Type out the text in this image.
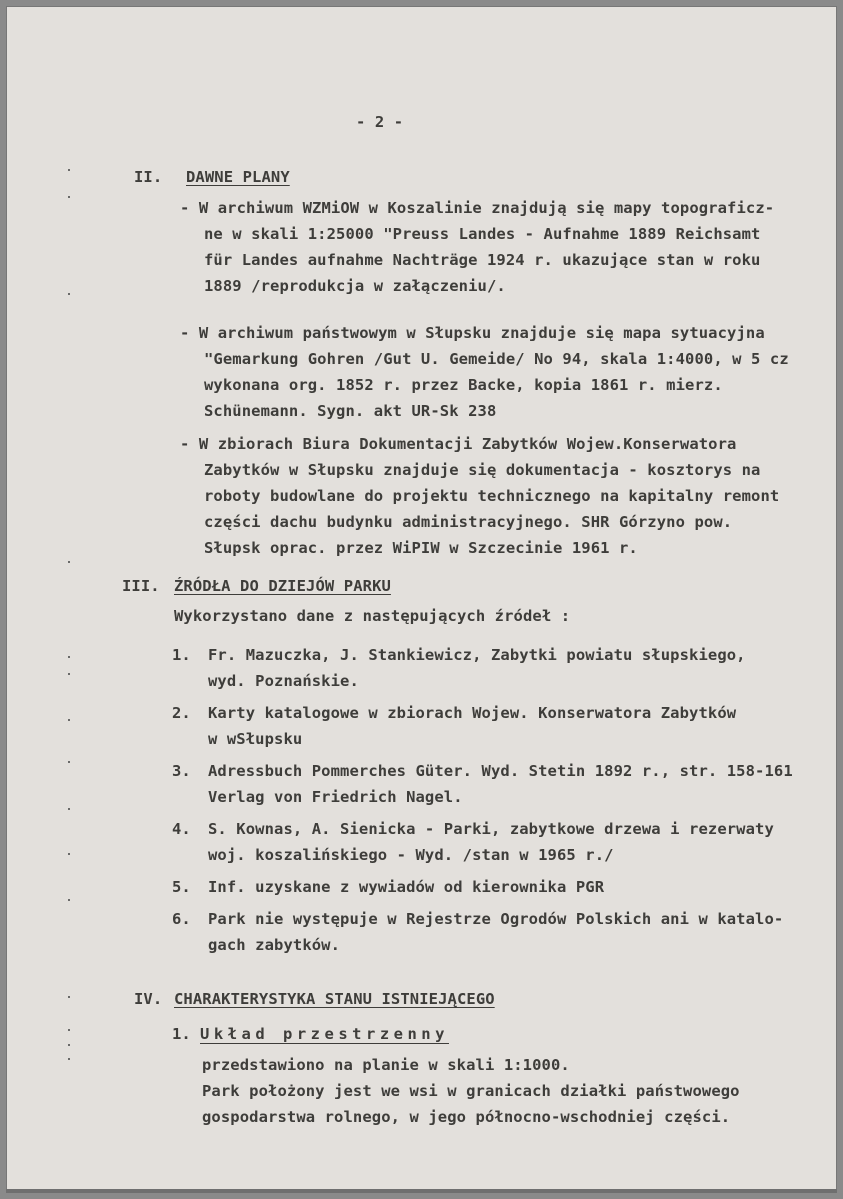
- 2 -

II. DAWNE PLANY

- W archiwum WZMiOW w Koszalinie znajdują się mapy topograficz-
ne w skali 1:25000 "Preuss Landes - Aufnahme 1889 Reichsamt
für Landes aufnahme Nachträge 1924 r. ukazujące stan w roku
1889 /reprodukcja w załączeniu/.
- W archiwum państwowym w Słupsku znajduje się mapa sytuacyjna
"Gemarkung Gohren /Gut U. Gemeide/ No 94, skala 1:4000, w 5 cz
wykonana org. 1852 r. przez Backe, kopia 1861 r. mierz.
Schünemann. Sygn. akt UR-Sk 238
- W zbiorach Biura Dokumentacji Zabytków Wojew.Konserwatora
Zabytków w Słupsku znajduje się dokumentacja - kosztorys na
roboty budowlane do projektu technicznego na kapitalny remont
części dachu budynku administracyjnego. SHR Górzyno pow.
Słupsk oprac. przez WiPIW w Szczecinie 1961 r.

III. ŹRÓDŁA DO DZIEJÓW PARKU

Wykorzystano dane z następujących źródeł :

1. Fr. Mazuczka, J. Stankiewicz, Zabytki powiatu słupskiego,
wyd. Poznańskie.
2. Karty katalogowe w zbiorach Wojew. Konserwatora Zabytków
w wSłupsku
3. Adressbuch Pommerches Güter. Wyd. Stetin 1892 r., str. 158-161
Verlag von Friedrich Nagel.
4. S. Kownas, A. Sienicka - Parki, zabytkowe drzewa i rezerwaty
woj. koszalińskiego - Wyd. /stan w 1965 r./
5. Inf. uzyskane z wywiadów od kierownika PGR
6. Park nie występuje w Rejestrze Ogrodów Polskich ani w katalo-
gach zabytków.

IV. CHARAKTERYSTYKA STANU ISTNIEJĄCEGO

1. Układ przestrzenny

przedstawiono na planie w skali 1:1000.
Park położony jest we wsi w granicach działki państwowego
gospodarstwa rolnego, w jego północno-wschodniej części.
